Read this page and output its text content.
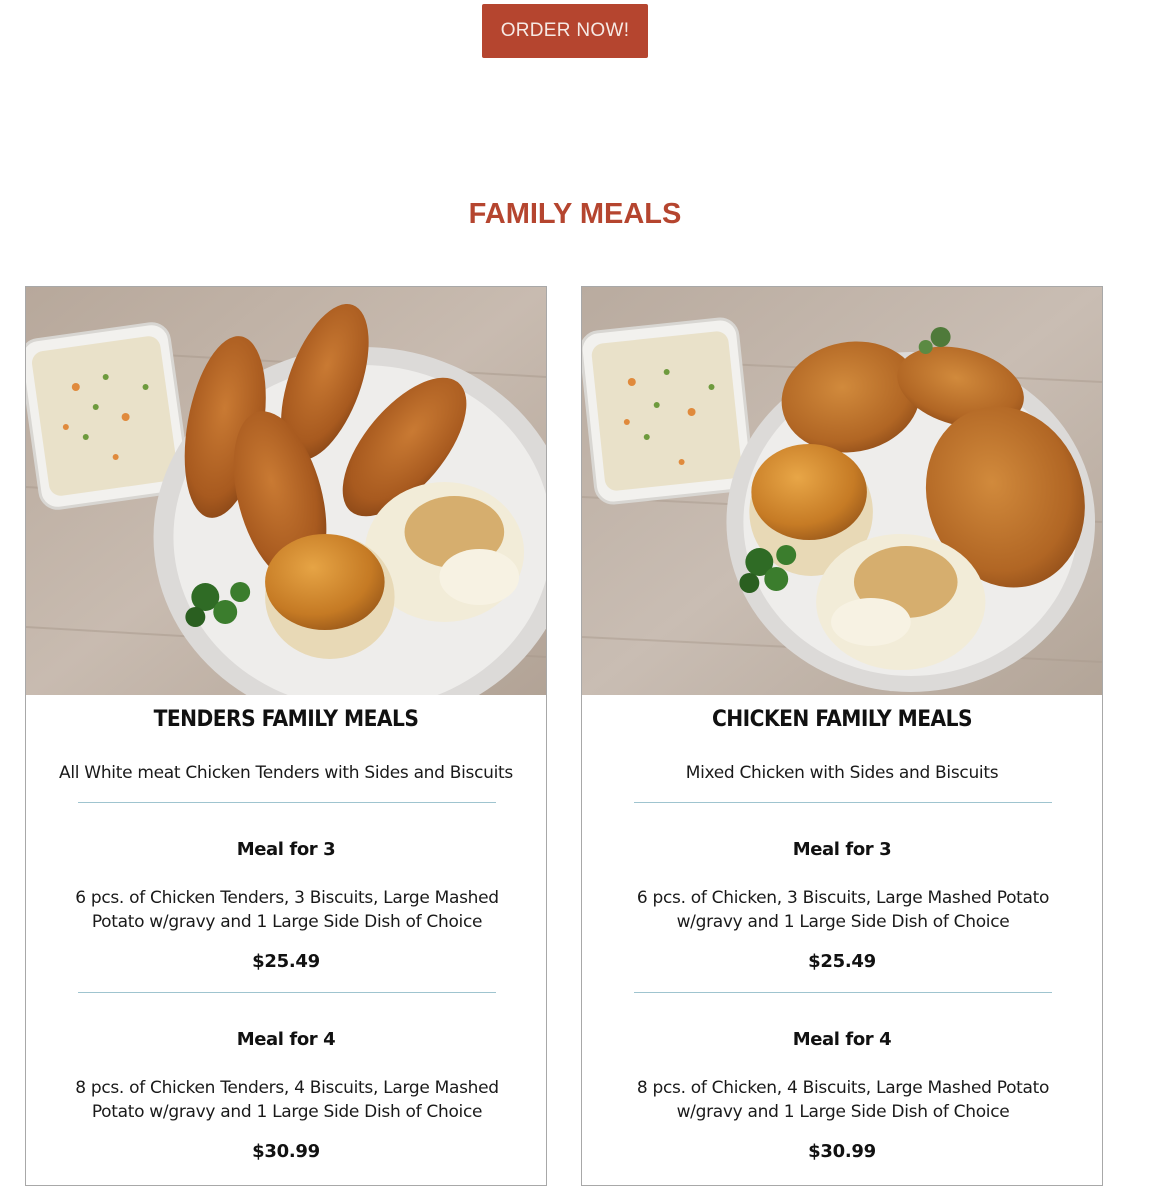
ORDER NOW!
FAMILY MEALS
TENDERS FAMILY MEALS

All White meat Chicken Tenders with Sides and Biscuits

Meal for 3

6 pcs. of Chicken Tenders, 3 Biscuits, Large Mashed Potato w/gravy and 1 Large Side Dish of Choice

$25.49

Meal for 4

8 pcs. of Chicken Tenders, 4 Biscuits, Large Mashed Potato w/gravy and 1 Large Side Dish of Choice

$30.99

CHICKEN FAMILY MEALS

Mixed Chicken with Sides and Biscuits

Meal for 3

6 pcs. of Chicken, 3 Biscuits, Large Mashed Potato w/gravy and 1 Large Side Dish of Choice

$25.49

Meal for 4

8 pcs. of Chicken, 4 Biscuits, Large Mashed Potato w/gravy and 1 Large Side Dish of Choice

$30.99
